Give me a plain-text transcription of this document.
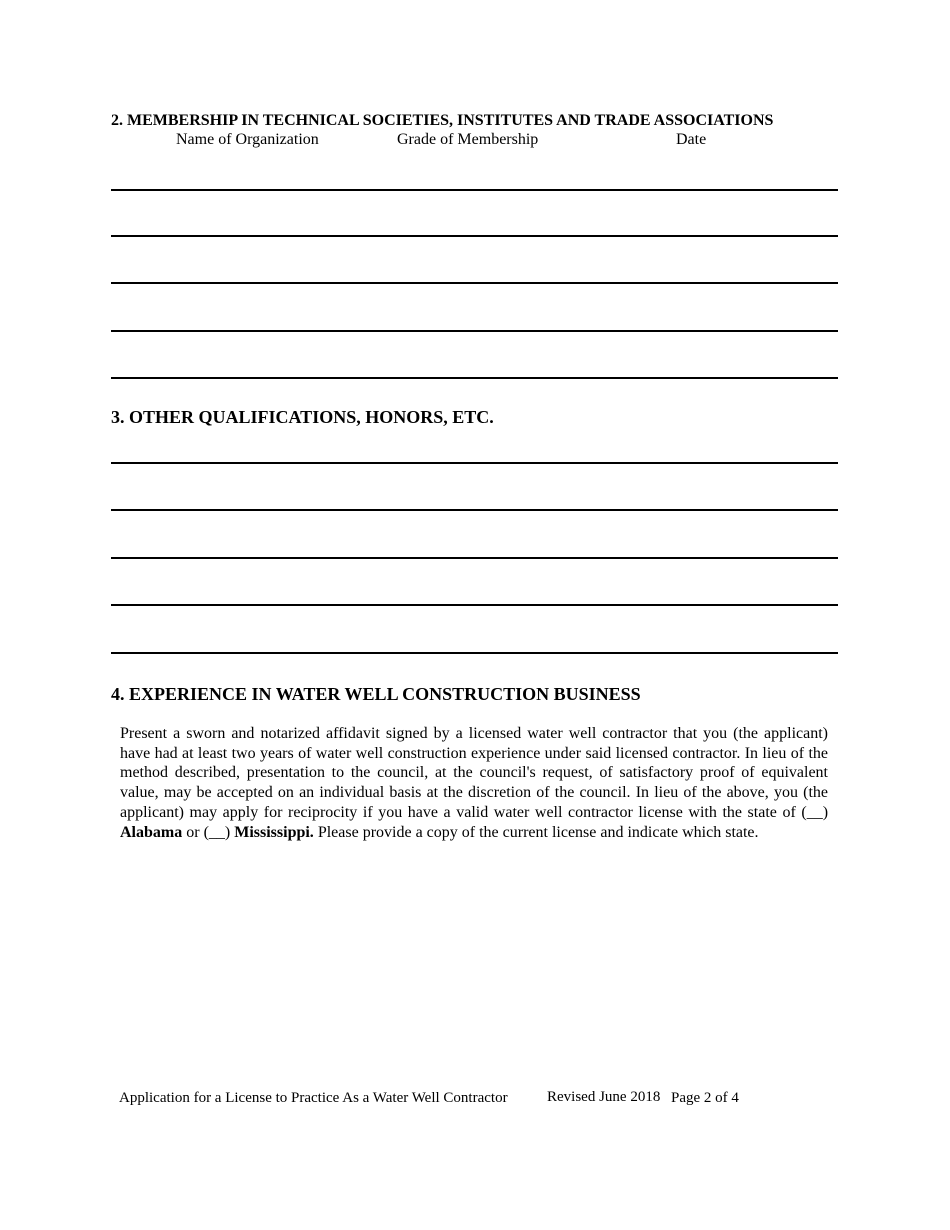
2. MEMBERSHIP IN TECHNICAL SOCIETIES, INSTITUTES AND TRADE ASSOCIATIONS
Name of Organization	Grade of Membership	Date
3. OTHER QUALIFICATIONS, HONORS, ETC.
4. EXPERIENCE IN WATER WELL CONSTRUCTION BUSINESS
Present a sworn and notarized affidavit signed by a licensed water well contractor that you (the applicant) have had at least two years of water well construction experience under said licensed contractor. In lieu of the method described, presentation to the council, at the council's request, of satisfactory proof of equivalent value, may be accepted on an individual basis at the discretion of the council. In lieu of the above, you (the applicant) may apply for reciprocity if you have a valid water well contractor license with the state of (__) Alabama or (__) Mississippi. Please provide a copy of the current license and indicate which state.
Application for a License to Practice As a Water Well Contractor	Revised June 2018 Page 2 of 4
